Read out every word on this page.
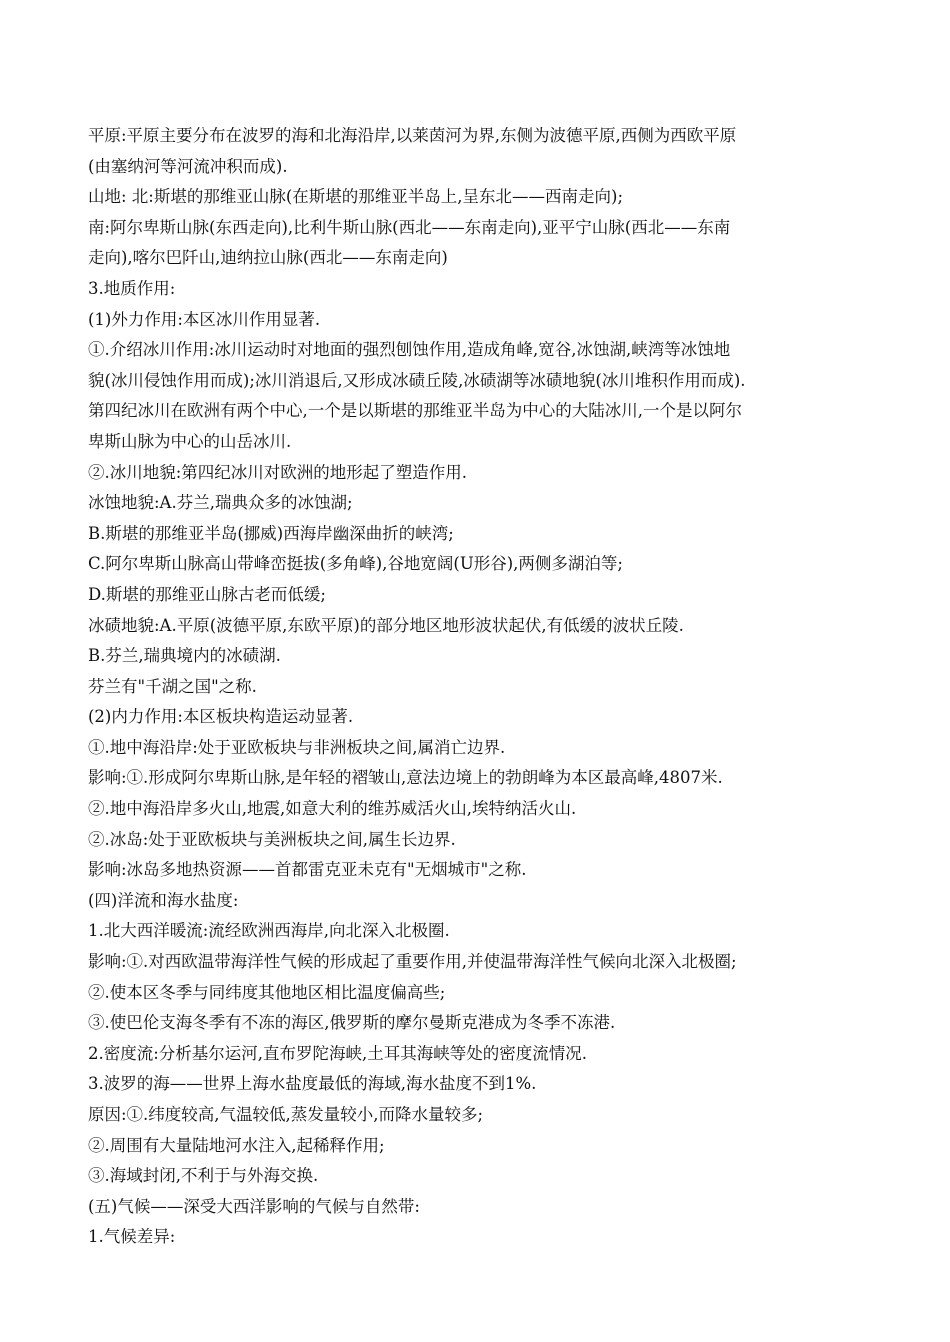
平原:平原主要分布在波罗的海和北海沿岸,以莱茵河为界,东侧为波德平原,西侧为西欧平原

(由塞纳河等河流冲积而成).

山地: 北:斯堪的那维亚山脉(在斯堪的那维亚半岛上,呈东北——西南走向);

南:阿尔卑斯山脉(东西走向),比利牛斯山脉(西北——东南走向),亚平宁山脉(西北——东南

走向),喀尔巴阡山,迪纳拉山脉(西北——东南走向)

3.地质作用:

(1)外力作用:本区冰川作用显著.

①.介绍冰川作用:冰川运动时对地面的强烈刨蚀作用,造成角峰,宽谷,冰蚀湖,峡湾等冰蚀地

貌(冰川侵蚀作用而成);冰川消退后,又形成冰碛丘陵,冰碛湖等冰碛地貌(冰川堆积作用而成).

第四纪冰川在欧洲有两个中心,一个是以斯堪的那维亚半岛为中心的大陆冰川,一个是以阿尔

卑斯山脉为中心的山岳冰川.

②.冰川地貌:第四纪冰川对欧洲的地形起了塑造作用.

冰蚀地貌:A.芬兰,瑞典众多的冰蚀湖;

B.斯堪的那维亚半岛(挪威)西海岸幽深曲折的峡湾;

C.阿尔卑斯山脉高山带峰峦挺拔(多角峰),谷地宽阔(U形谷),两侧多湖泊等;

D.斯堪的那维亚山脉古老而低缓;

冰碛地貌:A.平原(波德平原,东欧平原)的部分地区地形波状起伏,有低缓的波状丘陵.

B.芬兰,瑞典境内的冰碛湖.

芬兰有"千湖之国"之称.

(2)内力作用:本区板块构造运动显著.

①.地中海沿岸:处于亚欧板块与非洲板块之间,属消亡边界.

影响:①.形成阿尔卑斯山脉,是年轻的褶皱山,意法边境上的勃朗峰为本区最高峰,4807米.

②.地中海沿岸多火山,地震,如意大利的维苏威活火山,埃特纳活火山.

②.冰岛:处于亚欧板块与美洲板块之间,属生长边界.

影响:冰岛多地热资源——首都雷克亚未克有"无烟城市"之称.

(四)洋流和海水盐度:

1.北大西洋暖流:流经欧洲西海岸,向北深入北极圈.

影响:①.对西欧温带海洋性气候的形成起了重要作用,并使温带海洋性气候向北深入北极圈;

②.使本区冬季与同纬度其他地区相比温度偏高些;

③.使巴伦支海冬季有不冻的海区,俄罗斯的摩尔曼斯克港成为冬季不冻港.

2.密度流:分析基尔运河,直布罗陀海峡,土耳其海峡等处的密度流情况.

3.波罗的海——世界上海水盐度最低的海域,海水盐度不到1%.

原因:①.纬度较高,气温较低,蒸发量较小,而降水量较多;

②.周围有大量陆地河水注入,起稀释作用;

③.海域封闭,不利于与外海交换.

(五)气候——深受大西洋影响的气候与自然带:

1.气候差异:
